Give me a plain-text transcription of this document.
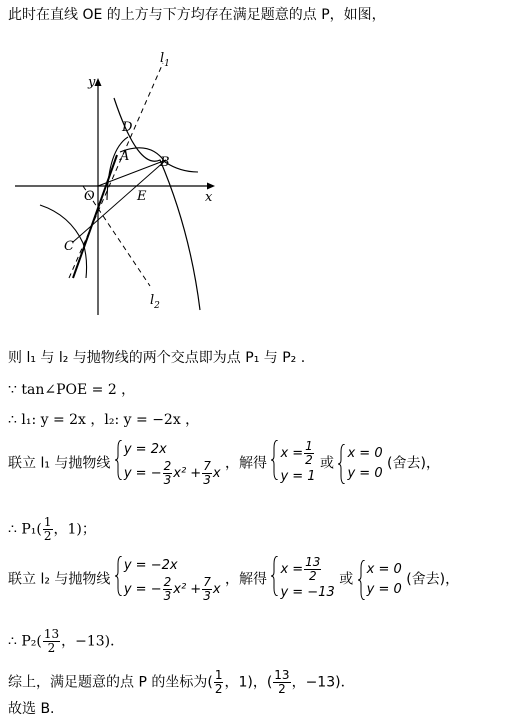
此时在直线 OE 的上方与下方均存在满足题意的点 P，如图，
$l_1$
$l_2$
y
x
D
A B
O	E
C
则 l₁ 与 l₂ 与抛物线的两个交点即为点 P₁ 与 P₂ .
∵ tan∠POE = 2 ，
∴ l₁: y = 2x ，l₂: y = −2x ，
联立 l₁ 与抛物线
y = 2x
y = − $\frac{2}{3} x^2 + \frac{7}{3}$ x
，解得
$x = \frac{1}{2}$
y = 1
或
x = 0
y = 0
(舍去)，
∴ $P_1( \frac{1}{2}$ ，1)；
联立 l₂ 与抛物线
y = −2x
y = − $\frac{2}{3} x^2 + \frac{7}{3}$ x
，解得
$x = \frac{13}{2}$
y = −13
或
x = 0
y = 0
(舍去)，
∴ $P_2( \frac{13}{2}$ ，−13)．
综上，满足题意的点 P 的坐标为( $\frac{1}{2}$ ，1)，( $\frac{13}{2}$ ，−13)．
故选 B.
